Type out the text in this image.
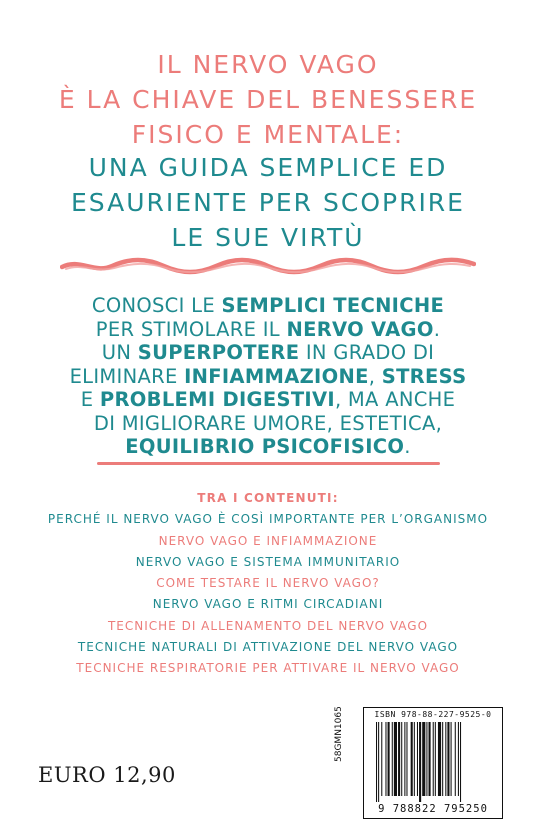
IL NERVO VAGO
È LA CHIAVE DEL BENESSERE
FISICO E MENTALE:
UNA GUIDA SEMPLICE ED
ESAURIENTE PER SCOPRIRE
LE SUE VIRTÙ
CONOSCI LE SEMPLICI TECNICHE
PER STIMOLARE IL NERVO VAGO.
UN SUPERPOTERE IN GRADO DI
ELIMINARE INFIAMMAZIONE, STRESS
E PROBLEMI DIGESTIVI, MA ANCHE
DI MIGLIORARE UMORE, ESTETICA,
EQUILIBRIO PSICOFISICO.
TRA I CONTENUTI:
PERCHÉ IL NERVO VAGO È COSÌ IMPORTANTE PER L’ORGANISMO
NERVO VAGO E INFIAMMAZIONE
NERVO VAGO E SISTEMA IMMUNITARIO
COME TESTARE IL NERVO VAGO?
NERVO VAGO E RITMI CIRCADIANI
TECNICHE DI ALLENAMENTO DEL NERVO VAGO
TECNICHE NATURALI DI ATTIVAZIONE DEL NERVO VAGO
TECNICHE RESPIRATORIE PER ATTIVARE IL NERVO VAGO
EURO 12,90
58GMN1065	ISBN 978-88-227-9525-0
9 788822 795250
